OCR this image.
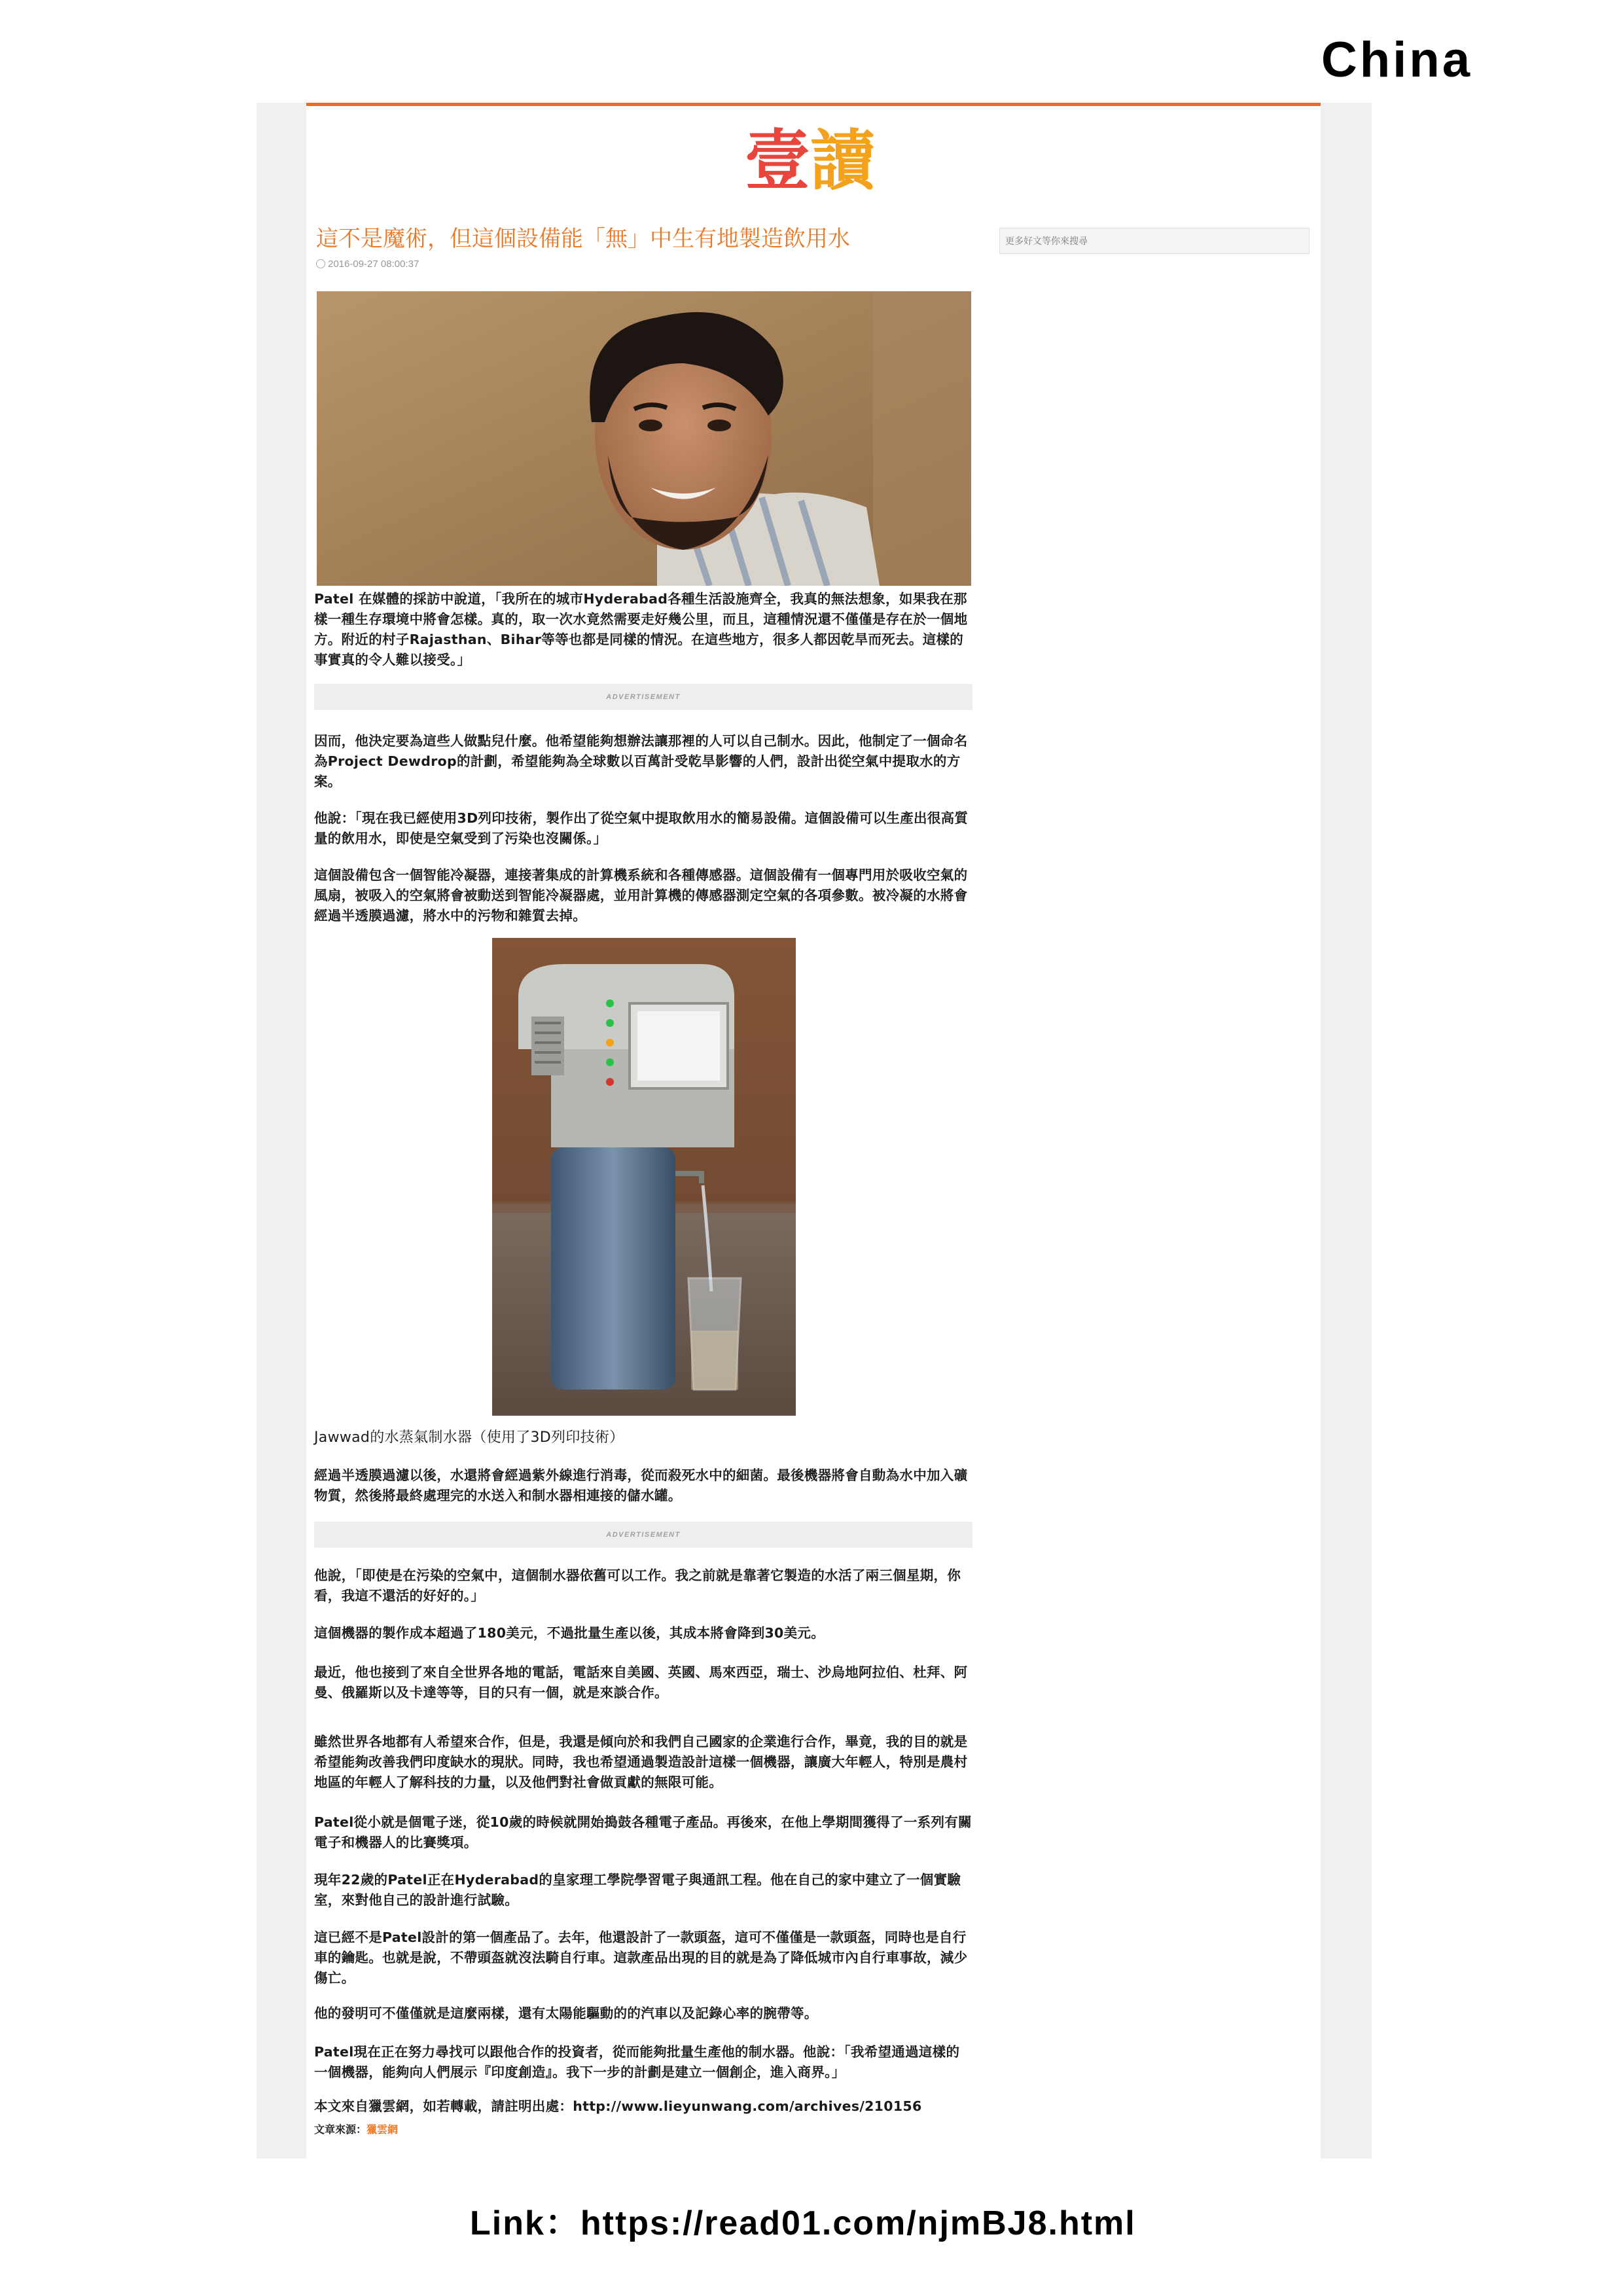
China
壹讀
這不是魔術，但這個設備能「無」中生有地製造飲用水
2016-09-27 08:00:37
更多好文等你來搜尋
Patel 在媒體的採訪中說道，「我所在的城市Hyderabad各種生活設施齊全，我真的無法想象，如果我在那樣一種生存環境中將會怎樣。真的，取一次水竟然需要走好幾公里，而且，這種情況還不僅僅是存在於一個地方。附近的村子Rajasthan、Bihar等等也都是同樣的情況。在這些地方，很多人都因乾旱而死去。這樣的事實真的令人難以接受。」
ADVERTISEMENT
因而，他決定要為這些人做點兒什麼。他希望能夠想辦法讓那裡的人可以自己制水。因此，他制定了一個命名為Project Dewdrop的計劃，希望能夠為全球數以百萬計受乾旱影響的人們，設計出從空氣中提取水的方案。
他說：「現在我已經使用3D列印技術，製作出了從空氣中提取飲用水的簡易設備。這個設備可以生產出很高質量的飲用水，即使是空氣受到了污染也沒關係。」
這個設備包含一個智能冷凝器，連接著集成的計算機系統和各種傳感器。這個設備有一個專門用於吸收空氣的風扇，被吸入的空氣將會被動送到智能冷凝器處，並用計算機的傳感器測定空氣的各項參數。被冷凝的水將會經過半透膜過濾，將水中的污物和雜質去掉。
Jawwad的水蒸氣制水器（使用了3D列印技術）
經過半透膜過濾以後，水還將會經過紫外線進行消毒，從而殺死水中的細菌。最後機器將會自動為水中加入礦物質，然後將最終處理完的水送入和制水器相連接的儲水罐。
ADVERTISEMENT
他說，「即使是在污染的空氣中，這個制水器依舊可以工作。我之前就是靠著它製造的水活了兩三個星期，你看，我這不還活的好好的。」
這個機器的製作成本超過了180美元，不過批量生產以後，其成本將會降到30美元。
最近，他也接到了來自全世界各地的電話，電話來自美國、英國、馬來西亞，瑞士、沙烏地阿拉伯、杜拜、阿曼、俄羅斯以及卡達等等，目的只有一個，就是來談合作。
雖然世界各地都有人希望來合作，但是，我還是傾向於和我們自己國家的企業進行合作，畢竟，我的目的就是希望能夠改善我們印度缺水的現狀。同時，我也希望通過製造設計這樣一個機器，讓廣大年輕人，特別是農村地區的年輕人了解科技的力量，以及他們對社會做貢獻的無限可能。
Patel從小就是個電子迷，從10歲的時候就開始搗鼓各種電子產品。再後來，在他上學期間獲得了一系列有關電子和機器人的比賽獎項。
現年22歲的Patel正在Hyderabad的皇家理工學院學習電子與通訊工程。他在自己的家中建立了一個實驗室，來對他自己的設計進行試驗。
這已經不是Patel設計的第一個產品了。去年，他還設計了一款頭盔，這可不僅僅是一款頭盔，同時也是自行車的鑰匙。也就是說，不帶頭盔就沒法騎自行車。這款產品出現的目的就是為了降低城市內自行車事故，減少傷亡。
他的發明可不僅僅就是這麼兩樣，還有太陽能驅動的的汽車以及記錄心率的腕帶等。
Patel現在正在努力尋找可以跟他合作的投資者，從而能夠批量生產他的制水器。他說：「我希望通過這樣的一個機器，能夠向人們展示『印度創造』。我下一步的計劃是建立一個創企，進入商界。」
本文來自獵雲網，如若轉載，請註明出處：http://www.lieyunwang.com/archives/210156
文章來源：獵雲網
Link：https://read01.com/njmBJ8.html
